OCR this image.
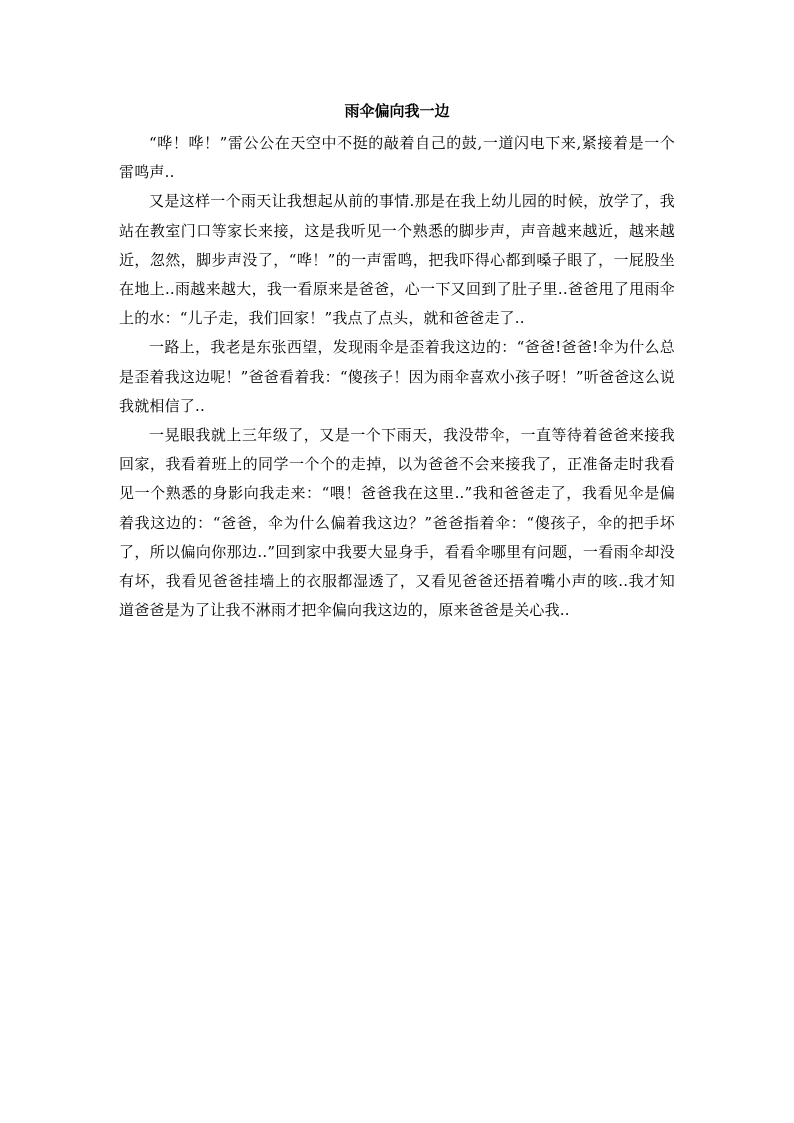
雨伞偏向我一边

“哗！哗！”雷公公在天空中不挺的敲着自己的鼓,一道闪电下来,紧接着是一个雷鸣声..

又是这样一个雨天让我想起从前的事情.那是在我上幼儿园的时候，放学了，我站在教室门口等家长来接，这是我听见一个熟悉的脚步声，声音越来越近，越来越近，忽然，脚步声没了，“哗！”的一声雷鸣，把我吓得心都到嗓子眼了，一屁股坐在地上..雨越来越大，我一看原来是爸爸，心一下又回到了肚子里..爸爸甩了甩雨伞上的水：“儿子走，我们回家！”我点了点头，就和爸爸走了..

一路上，我老是东张西望，发现雨伞是歪着我这边的：“爸爸!爸爸!伞为什么总是歪着我这边呢！”爸爸看着我：“傻孩子！因为雨伞喜欢小孩子呀！”听爸爸这么说我就相信了..

一晃眼我就上三年级了，又是一个下雨天，我没带伞，一直等待着爸爸来接我回家，我看着班上的同学一个个的走掉，以为爸爸不会来接我了，正准备走时我看见一个熟悉的身影向我走来：“喂！爸爸我在这里..”我和爸爸走了，我看见伞是偏着我这边的：“爸爸，伞为什么偏着我这边？”爸爸指着伞：“傻孩子，伞的把手坏了，所以偏向你那边..”回到家中我要大显身手，看看伞哪里有问题，一看雨伞却没有坏，我看见爸爸挂墙上的衣服都湿透了，又看见爸爸还捂着嘴小声的咳..我才知道爸爸是为了让我不淋雨才把伞偏向我这边的，原来爸爸是关心我..
